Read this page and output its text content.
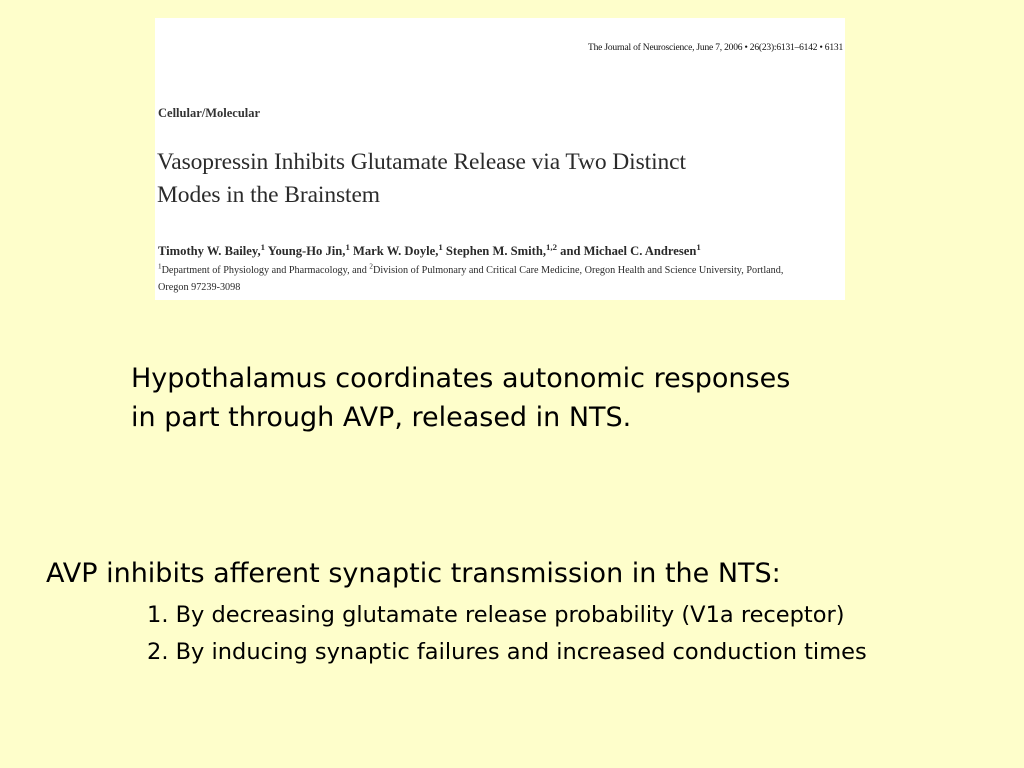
The Journal of Neuroscience, June 7, 2006 • 26(23):6131–6142 • 6131
Cellular/Molecular
Vasopressin Inhibits Glutamate Release via Two Distinct
Modes in the Brainstem
Timothy W. Bailey,$^1$ Young-Ho Jin,$^1$ Mark W. Doyle,$^1$ Stephen M. Smith,$^{1,2}$ and Michael C. Andresen$^1$
$^1$Department of Physiology and Pharmacology, and $^2$Division of Pulmonary and Critical Care Medicine, Oregon Health and Science University, Portland,
Oregon 97239-3098
Hypothalamus coordinates autonomic responses
in part through AVP, released in NTS.
AVP inhibits afferent synaptic transmission in the NTS:
1. By decreasing glutamate release probability (V1a receptor)
2. By inducing synaptic failures and increased conduction times
